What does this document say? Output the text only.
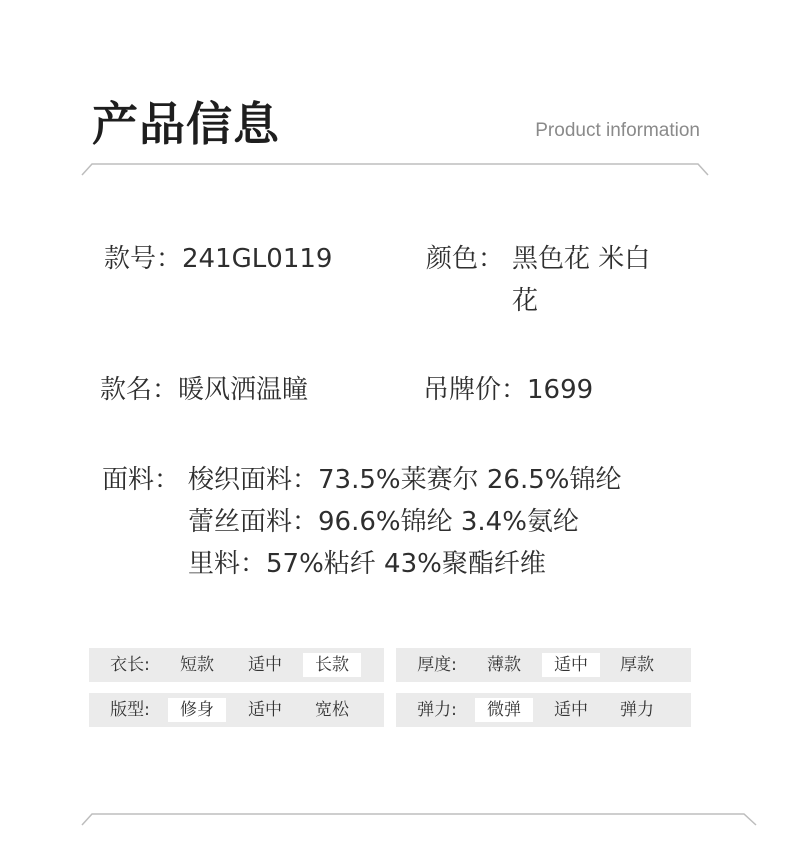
产品信息	Product information
款号：241GL0119	颜色： 黑色花 米白
花
款名：暖风洒温瞳	吊牌价：1699
面料： 梭织面料：73.5%莱赛尔 26.5%锦纶
蕾丝面料：96.6%锦纶 3.4%氨纶
里料：57%粘纤 43%聚酯纤维
衣长:	短款	适中	长款	厚度:	薄款	适中	厚款
版型:	修身	适中	宽松	弹力:	微弹	适中	弹力
